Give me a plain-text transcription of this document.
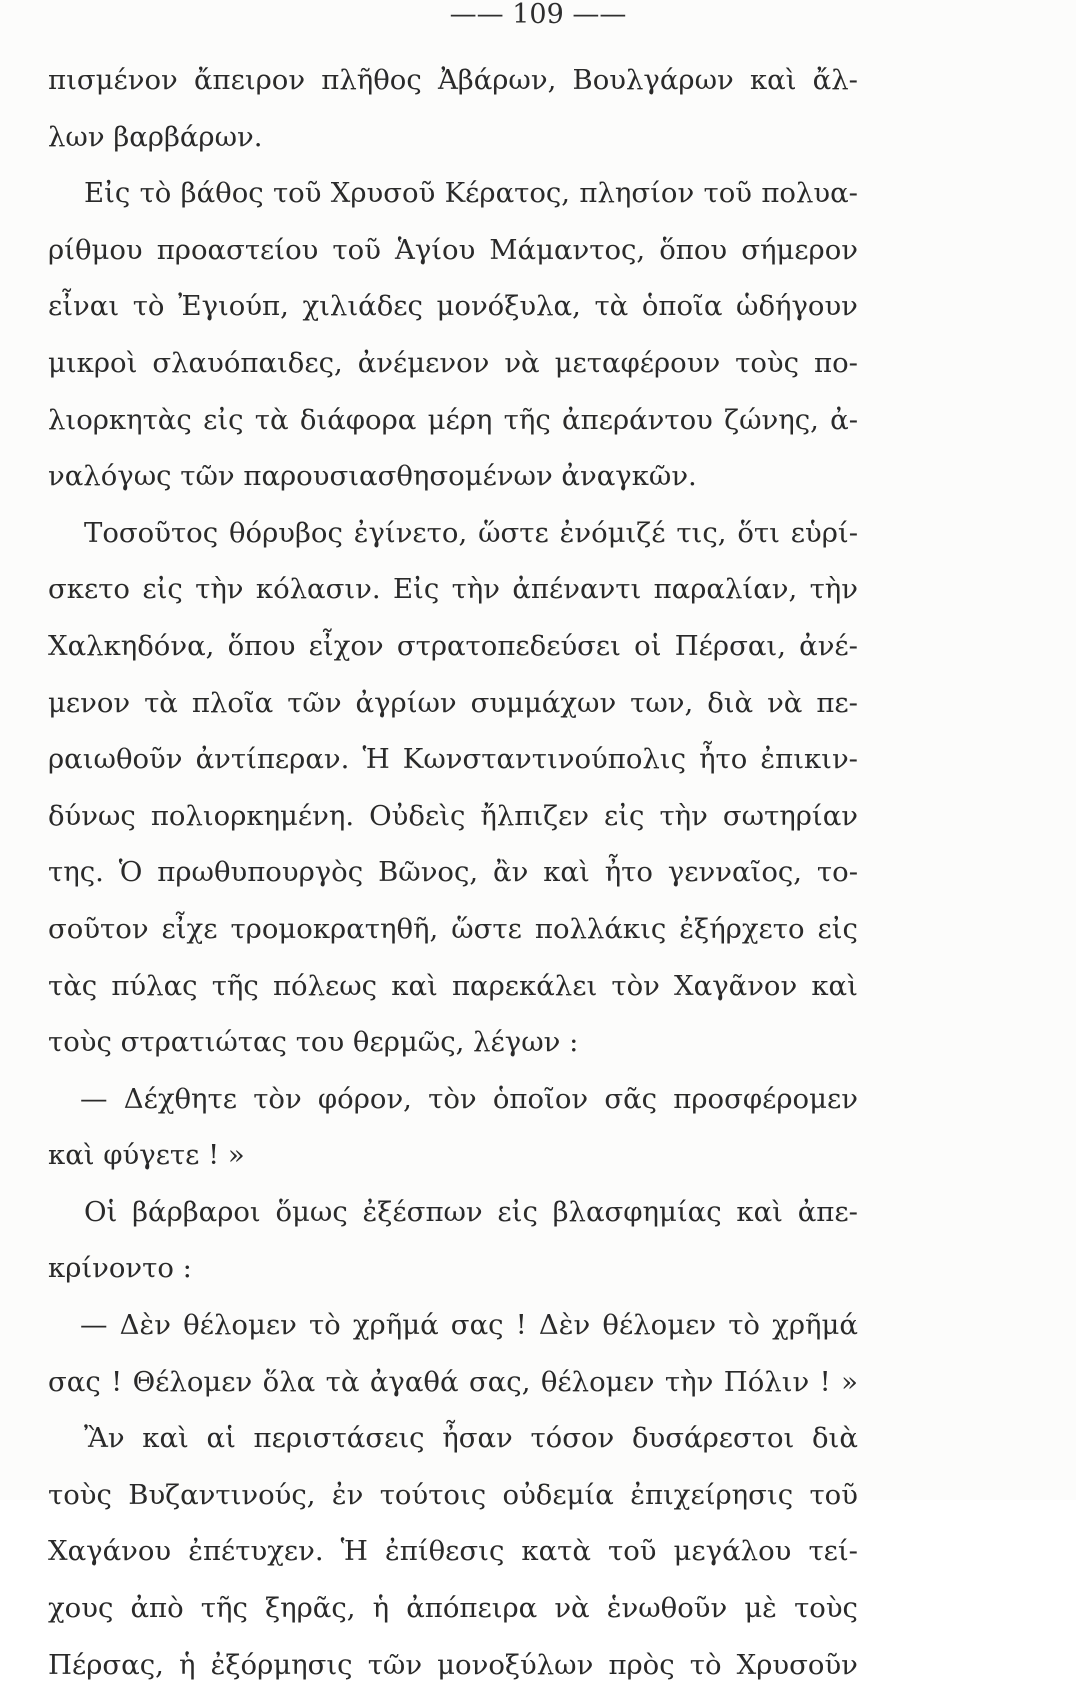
—— 109 ——
πισμένον ἄπειρον πλῆθος Ἀβάρων, Βουλγάρων καὶ ἄλ-
λων βαρβάρων.
Εἰς τὸ βάθος τοῦ Χρυσοῦ Κέρατος, πλησίον τοῦ πολυα-
ρίθμου προαστείου τοῦ Ἁγίου Μάμαντος, ὅπου σήμερον
εἶναι τὸ Ἐγιούπ, χιλιάδες μονόξυλα, τὰ ὁποῖα ὡδήγουν
μικροὶ σλαυόπαιδες, ἀνέμενον νὰ μεταφέρουν τοὺς πο-
λιορκητὰς εἰς τὰ διάφορα μέρη τῆς ἀπεράντου ζώνης, ἀ-
ναλόγως τῶν παρουσιασθησομένων ἀναγκῶν.
Τοσοῦτος θόρυβος ἐγίνετο, ὥστε ἐνόμιζέ τις, ὅτι εὑρί-
σκετο εἰς τὴν κόλασιν. Εἰς τὴν ἀπέναντι παραλίαν, τὴν
Χαλκηδόνα, ὅπου εἶχον στρατοπεδεύσει οἱ Πέρσαι, ἀνέ-
μενον τὰ πλοῖα τῶν ἀγρίων συμμάχων των, διὰ νὰ πε-
ραιωθοῦν ἀντίπεραν. Ἡ Κωνσταντινούπολις ἦτο ἐπικιν-
δύνως πολιορκημένη. Οὐδεὶς ἤλπιζεν εἰς τὴν σωτηρίαν
της. Ὁ πρωθυπουργὸς Βῶνος, ἂν καὶ ἦτο γενναῖος, το-
σοῦτον εἶχε τρομοκρατηθῆ, ὥστε πολλάκις ἐξήρχετο εἰς
τὰς πύλας τῆς πόλεως καὶ παρεκάλει τὸν Χαγᾶνον καὶ
τοὺς στρατιώτας του θερμῶς, λέγων :
— Δέχθητε τὸν φόρον, τὸν ὁποῖον σᾶς προσφέρομεν
καὶ φύγετε ! »
Οἱ βάρβαροι ὅμως ἐξέσπων εἰς βλασφημίας καὶ ἀπε-
κρίνοντο :
— Δὲν θέλομεν τὸ χρῆμά σας ! Δὲν θέλομεν τὸ χρῆμά
σας ! Θέλομεν ὅλα τὰ ἀγαθά σας, θέλομεν τὴν Πόλιν ! »
Ἂν καὶ αἱ περιστάσεις ἦσαν τόσον δυσάρεστοι διὰ
τοὺς Βυζαντινούς, ἐν τούτοις οὐδεμία ἐπιχείρησις τοῦ
Χαγάνου ἐπέτυχεν. Ἡ ἐπίθεσις κατὰ τοῦ μεγάλου τεί-
χους ἀπὸ τῆς ξηρᾶς, ἡ ἀπόπειρα νὰ ἑνωθοῦν μὲ τοὺς
Πέρσας, ἡ ἐξόρμησις τῶν μονοξύλων πρὸς τὸ Χρυσοῦν
